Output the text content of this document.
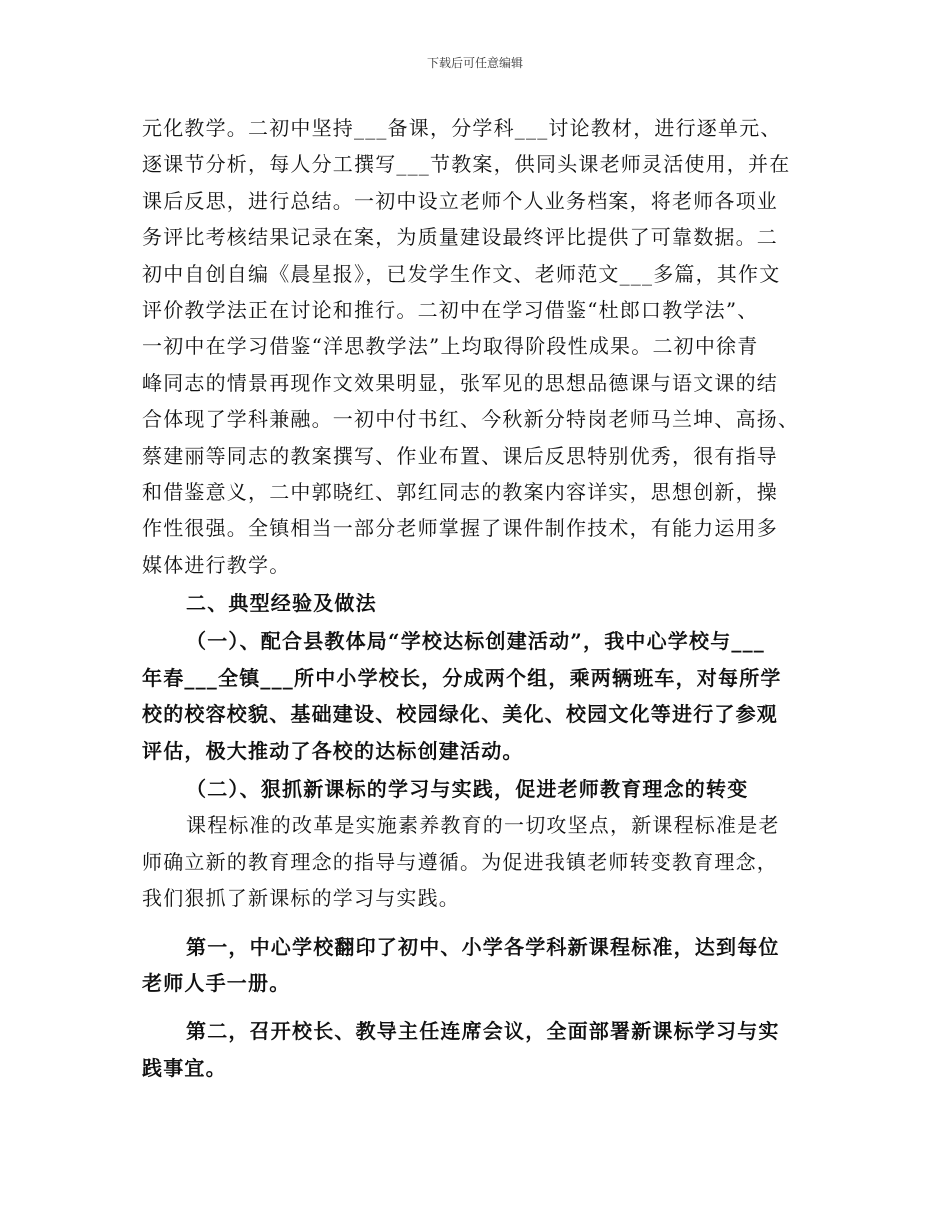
下载后可任意编辑
元化教学。二初中坚持___备课，分学科___讨论教材，进行逐单元、
逐课节分析，每人分工撰写___节教案，供同头课老师灵活使用，并在
课后反思，进行总结。一初中设立老师个人业务档案，将老师各项业
务评比考核结果记录在案，为质量建设最终评比提供了可靠数据。二
初中自创自编《晨星报》，已发学生作文、老师范文___多篇，其作文
评价教学法正在讨论和推行。二初中在学习借鉴“杜郎口教学法”、
一初中在学习借鉴“洋思教学法”上均取得阶段性成果。二初中徐青
峰同志的情景再现作文效果明显，张军见的思想品德课与语文课的结
合体现了学科兼融。一初中付书红、今秋新分特岗老师马兰坤、高扬、
蔡建丽等同志的教案撰写、作业布置、课后反思特别优秀，很有指导
和借鉴意义，二中郭晓红、郭红同志的教案内容详实，思想创新，操
作性很强。全镇相当一部分老师掌握了课件制作技术，有能力运用多
媒体进行教学。
二、典型经验及做法
（一）、配合县教体局“学校达标创建活动”，我中心学校与___
年春___全镇___所中小学校长，分成两个组，乘两辆班车，对每所学
校的校容校貌、基础建设、校园绿化、美化、校园文化等进行了参观
评估，极大推动了各校的达标创建活动。
（二）、狠抓新课标的学习与实践，促进老师教育理念的转变
课程标准的改革是实施素养教育的一切攻坚点，新课程标准是老
师确立新的教育理念的指导与遵循。为促进我镇老师转变教育理念，
我们狠抓了新课标的学习与实践。
第一，中心学校翻印了初中、小学各学科新课程标准，达到每位
老师人手一册。
第二，召开校长、教导主任连席会议，全面部署新课标学习与实
践事宜。
